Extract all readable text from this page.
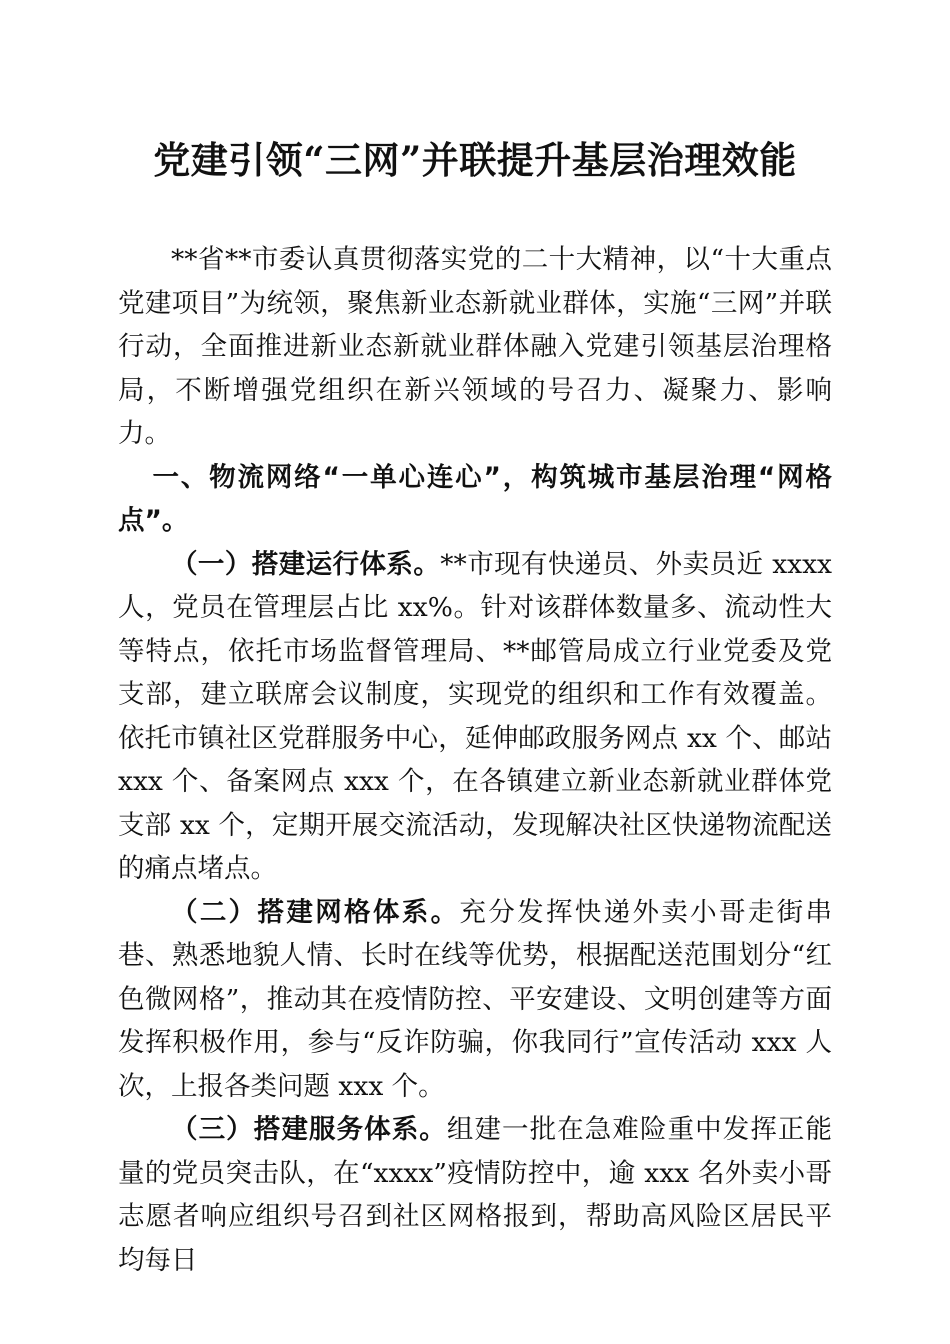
党建引领“三网”并联提升基层治理效能

**省**市委认真贯彻落实党的二十大精神，以“十大重点党建项目”为统领，聚焦新业态新就业群体，实施“三网”并联行动，全面推进新业态新就业群体融入党建引领基层治理格局，不断增强党组织在新兴领域的号召力、凝聚力、影响力。

一、物流网络“一单心连心”，构筑城市基层治理“网格点”。

（一）搭建运行体系。**市现有快递员、外卖员近 xxxx 人，党员在管理层占比 xx%。针对该群体数量多、流动性大等特点，依托市场监督管理局、**邮管局成立行业党委及党支部，建立联席会议制度，实现党的组织和工作有效覆盖。依托市镇社区党群服务中心，延伸邮政服务网点 xx 个、邮站 xxx 个、备案网点 xxx 个，在各镇建立新业态新就业群体党支部 xx 个，定期开展交流活动，发现解决社区快递物流配送的痛点堵点。

（二）搭建网格体系。充分发挥快递外卖小哥走街串巷、熟悉地貌人情、长时在线等优势，根据配送范围划分“红色微网格”，推动其在疫情防控、平安建设、文明创建等方面发挥积极作用，参与“反诈防骗，你我同行”宣传活动 xxx 人次，上报各类问题 xxx 个。

（三）搭建服务体系。组建一批在急难险重中发挥正能量的党员突击队，在“xxxx”疫情防控中，逾 xxx 名外卖小哥志愿者响应组织号召到社区网格报到，帮助高风险区居民平均每日
